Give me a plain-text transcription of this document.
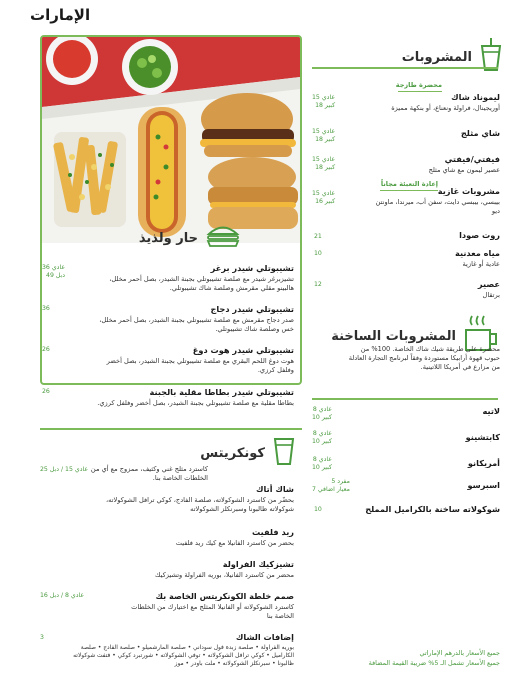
الإمارات
حار ولذيذ
تشيبوتلي شيدر برغر
تشيزبرغر شيدر مع صلصة تشيبوتلي بجبنة الشيدر، بصل أحمر مخلل، هالبينو مقلي مقرمش وصلصة شاك تشيبوتلي.
عادي 36
دبل 49
تشيبوتلي شيدر دجاج
صدر دجاج مقرمش مع صلصة تشيبوتلي بجبنة الشيدر، بصل أحمر مخلل، خس وصلصة شاك تشيبوتلي.
36
تشيبوتلي شيدر هوت دوغ
هوت دوغ اللحم البقري مع صلصة تشيبوتلي بجبنة الشيدر، بصل أخضر وفلفل كرزي.
26
تشيبوتلي شيدر بطاطا مقلية بالجبنة
بطاطا مقلية مع صلصة تشيبوتلي بجبنة الشيدر، بصل أخضر وفلفل كرزي.
26
كونكريتس
كاسترد مثلج غني وكثيف، ممزوج مع أي من الخلطات الخاصة بنا.
عادي 15 / دبل 25
شاك أتاك
بحضّر من كاسترد الشوكولاته، صلصة الفادج، كوكي ترافل الشوكولاته، شوكولاته ظالبونا وسبرنكلز الشوكولاته
ريد فلفيت
بحضر من كاسترد الفانيلا مع كيك ريد فلفيت
تشيزكيك الفراولة
محضر من كاسترد الفانيلا، بوريه الفراولة وتشيزكيك
صمم خلطة الكونكريتس الخاصة بك
كاسترد الشوكولاته أو الفانيلا المثلج مع اختيارك من الخلطات الخاصة بنا
عادي 8 / دبل 16
إضافات الشاك
بوريه الفراولة • صلصة زبدة فول سوداني • صلصة المارشميلو • صلصة الفادج • صلصة الكاراميل • كوكي ترافل الشوكولاته • توفي الشوكولاته • شورتبرد كوكي • فتفت شوكولاته ظالبونا • سبرنكلز الشوكولاته • ملت باودر • موز
3
المشروبات
محضرة طازجة
ليموناد شاك
أوريجينال، فراولة ونعناع، أو بنكهة مميزة
عادي 15
كبير 18
شاي مثلج
عادي 15
كبير 18
فيفتي/فيفتي
عصير ليمون مع شاي مثلج
عادي 15
كبير 18
إعادة التعبئة مجاناً
مشروبات غازية
بيبسي، بيبسي دايت، سفن أب، ميرندا، ماونتن ديو
عادي 15
كبير 16
روت صودا
21
مياه معدنية
عادية أو غازية
10
عصير
برتقال
12
المشروبات الساخنة
محضرة على طريقة شيك شاك الخاصة. 100% من حبوب قهوة أرابيكا مستوردة وفقاً لبرنامج التجارة العادلة من مزارع في أمريكا اللاتينية.
لاتيه
عادي 8
كبير 10
كابتشينو
عادي 8
كبير 10
أمريكانو
عادي 8
كبير 10
اسبرسو
مفرد 5
معيار اضافي 7
شوكولاته ساخنة بالكراميل المملح
10
جميع الأسعار بالدرهم الإماراتي
جميع الأسعار تشمل الـ 5% ضريبة القيمة المضافة
